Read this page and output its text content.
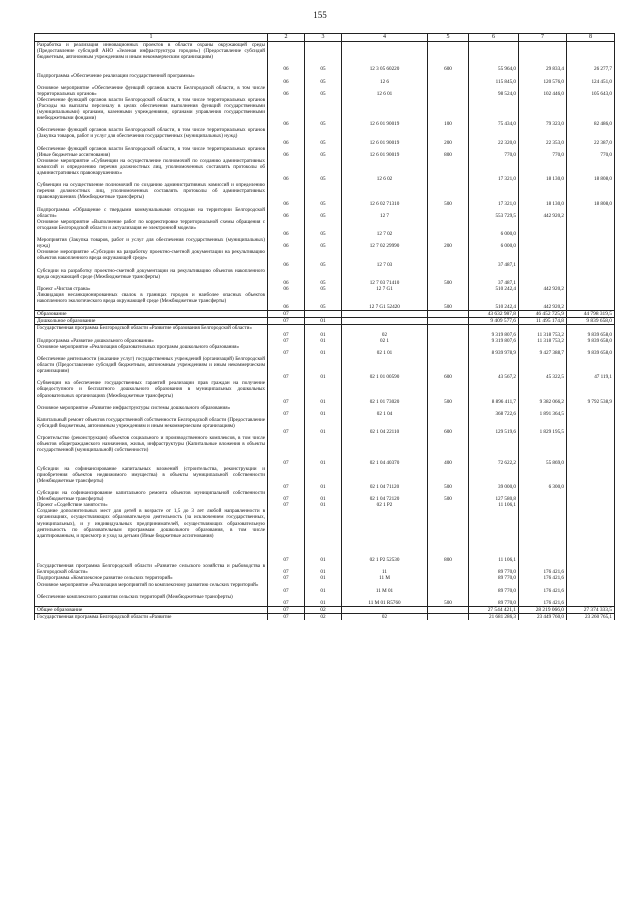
155
1	2	3	4	5	6	7	8
Разработка и реализация инновационных проектов в области охраны окружающей среды (Предоставление субсидий АНО «Зеленая инфраструктура городов») (Предоставление субсидий бюджетным, автономным учреждениям и иным некоммерческим организациям)	06	05	12 3 05 60220	600	55 964,0	29 833,4	26 277,7
Подпрограмма «Обеспечение реализации государственной программы»	06	05	12 6		115 845,0	120 576,0	124 451,0
Основное мероприятие «Обеспечение функций органов власти Белгородской области, в том числе территориальных органов»	06	05	12 6 01		98 524,0	102 446,0	105 643,0
Обеспечение функций органов власти Белгородской области, в том числе территориальных органов (Расходы на выплаты персоналу в целях обеспечения выполнения функций государственными (муниципальными) органами, казенными учреждениями, органами управления государственными внебюджетными фондами)	06	05	12 6 01 90019	100	75 434,0	79 323,0	82 486,0
Обеспечение функций органов власти Белгородской области, в том числе территориальных органов (Закупка товаров, работ и услуг для обеспечения государственных (муниципальных) нужд)	06	05	12 6 01 90019	200	22 320,0	22 353,0	22 387,0
Обеспечение функций органов власти Белгородской области, в том числе территориальных органов (Иные бюджетные ассигнования)	06	05	12 6 01 90019	800	770,0	770,0	770,0
Основное мероприятие «Субвенции на осуществление полномочий по созданию административных комиссий и определению перечня должностных лиц, уполномоченных составлять протоколы об административных правонарушениях»	06	05	12 6 02		17 321,0	18 130,0	18 808,0
Субвенции на осуществление полномочий по созданию административных комиссий и определению перечня должностных лиц, уполномоченных составлять протоколы об административных правонарушениях (Межбюджетные трансферты)	06	05	12 6 02 71310	500	17 321,0	18 130,0	18 808,0
Подпрограмма «Обращение с твердыми коммунальными отходами на территории Белгородской области»	06	05	12 7		553 729,5	442 920,2	
Основное мероприятие «Выполнение работ по корректировке территориальной схемы обращения с отходами Белгородской области и актуализация ее электронной модели»	06	05	12 7 02		6 000,0		
Мероприятия (Закупка товаров, работ и услуг для обеспечения государственных (муниципальных) нужд)	06	05	12 7 02 29990	200	6 000,0		
Основное мероприятие «Субсидии на разработку проектно-сметной документации на рекультивацию объектов накопленного вреда окружающей среде»	06	05	12 7 03		37 487,1		
Субсидии на разработку проектно-сметной документации на рекультивацию объектов накопленного вреда окружающей среде (Межбюджетные трансферты)	06	05	12 7 03 71410	500	37 487,1		
Проект «Чистая страна»	06	05	12 7 G1		510 242,4	442 920,2	
Ликвидация несанкционированных свалок в границах городов и наиболее опасных объектов накопленного экологического вреда окружающей среде (Межбюджетные трансферты)	06	05	12 7 G1 52420	500	510 242,4	442 920,2	
Образование	07				43 632 987,8	46 452 725,9	44 798 319,5
Дошкольное образование	07	01			9 409 577,6	11 495 174,8	9 839 658,0
Государственная программа Белгородской области «Развитие образования Белгородской области»	07	01	02		9 319 807,6	11 318 753,2	9 839 658,0
Подпрограмма «Развитие дошкольного образования»	07	01	02 1		9 319 807,6	11 318 753,2	9 839 658,0
Основное мероприятие «Реализация образовательных программ дошкольного образования»	07	01	02 1 01		8 939 978,9	9 427 388,7	9 839 658,0
Обеспечение деятельности (оказание услуг) государственных учреждений (организаций) Белгородской области (Предоставление субсидий бюджетным, автономным учреждениям и иным некоммерческим организациям)	07	01	02 1 01 00590	600	43 567,2	45 322,5	47 119,1
Субвенции на обеспечение государственных гарантий реализации прав граждан на получение общедоступного и бесплатного дошкольного образования в муниципальных дошкольных образовательных организациях (Межбюджетные трансферты)	07	01	02 1 01 73020	500	8 896 411,7	9 382 066,2	9 792 538,9
Основное мероприятие «Развитие инфраструктуры системы дошкольного образования»	07	01	02 1 04		368 722,6	1 891 364,5	
Капитальный ремонт объектов государственной собственности Белгородской области (Предоставление субсидий бюджетным, автономным учреждениям и иным некоммерческим организациям)	07	01	02 1 04 22110	600	129 519,6	1 829 195,5	
Строительство (реконструкция) объектов социального и производственного комплексов, в том числе объектов общегражданского назначения, жилья, инфраструктуры (Капитальные вложения в объекты государственной (муниципальной) собственности)	07	01	02 1 04 40370	400	72 622,2	55 869,0	
Субсидии на софинансирование капитальных вложений (строительства, реконструкции и приобретения объектов недвижимого имущества) в объекты муниципальной собственности (Межбюджетные трансферты)	07	01	02 1 04 71120	500	39 000,0	6 300,0	
Субсидии на софинансирование капитального ремонта объектов муниципальной собственности (Межбюджетные трансферты)	07	01	02 1 04 72120	500	127 580,8		
Проект «Содействие занятости»	07	01	02 1 P2		11 106,1		
Создание дополнительных мест для детей в возрасте от 1,5 до 3 лет любой направленности в организациях, осуществляющих образовательную деятельность (за исключением государственных, муниципальных), и у индивидуальных предпринимателей, осуществляющих образовательную деятельность по образовательным программам дошкольного образования, в том числе адаптированным, и присмотр и уход за детьми (Иные бюджетные ассигнования)	07	01	02 1 P2 52530	800	11 106,1		
Государственная программа Белгородской области «Развитие сельского хозяйства и рыбоводства в Белгородской области»	07	01	11		89 770,0	176 421,6	
Подпрограмма «Комплексное развитие сельских территорий»	07	01	11 М		89 770,0	176 421,6	
Основное мероприятие «Реализация мероприятий по комплексному развитию сельских территорий»	07	01	11 М 01		89 770,0	176 421,6	
Обеспечение комплексного развития сельских территорий (Межбюджетные трансферты)	07	01	11 М 01 R5760	500	89 770,0	176 421,6	
Общее образование	07	02			27 544 421,1	28 219 066,0	27 374 333,5
Государственная программа Белгородской области «Развитие	07	02	02		21 681 286,3	23 449 760,0	23 260 765,1
